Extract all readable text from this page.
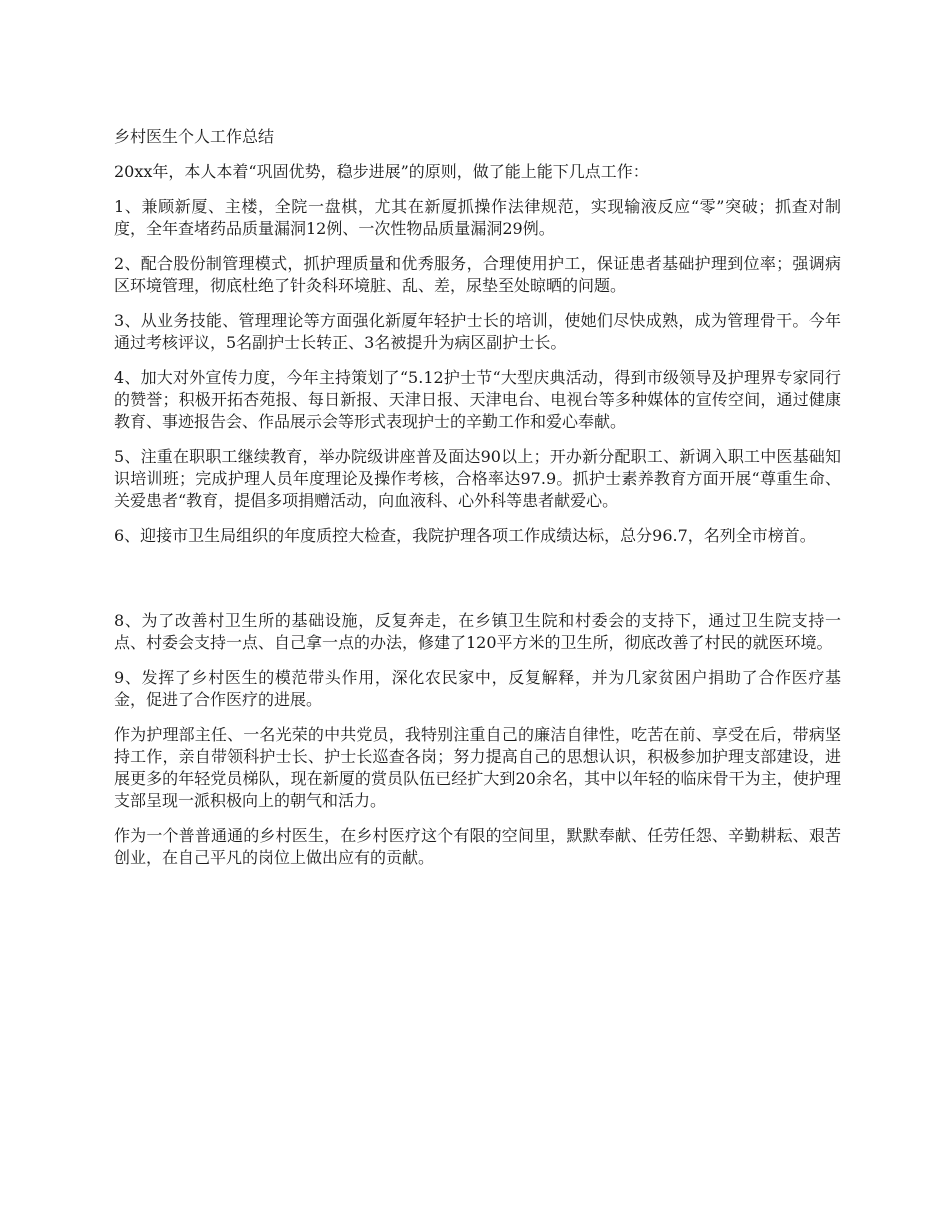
乡村医生个人工作总结

20xx年，本人本着“巩固优势，稳步进展”的原则，做了能上能下几点工作：

1、兼顾新厦、主楼，全院一盘棋，尤其在新厦抓操作法律规范，实现输液反应“零”突破；抓查对制度，全年查堵药品质量漏洞12例、一次性物品质量漏洞29例。

2、配合股份制管理模式，抓护理质量和优秀服务，合理使用护工，保证患者基础护理到位率；强调病区环境管理，彻底杜绝了针灸科环境脏、乱、差，尿垫至处晾晒的问题。

3、从业务技能、管理理论等方面强化新厦年轻护士长的培训，使她们尽快成熟，成为管理骨干。今年通过考核评议，5名副护士长转正、3名被提升为病区副护士长。

4、加大对外宣传力度，今年主持策划了“5.12护士节“大型庆典活动，得到市级领导及护理界专家同行的赞誉；积极开拓杏苑报、每日新报、天津日报、天津电台、电视台等多种媒体的宣传空间，通过健康教育、事迹报告会、作品展示会等形式表现护士的辛勤工作和爱心奉献。

5、注重在职职工继续教育，举办院级讲座普及面达90以上；开办新分配职工、新调入职工中医基础知识培训班；完成护理人员年度理论及操作考核，合格率达97.9。抓护士素养教育方面开展“尊重生命、关爱患者“教育，提倡多项捐赠活动，向血液科、心外科等患者献爱心。

6、迎接市卫生局组织的年度质控大检查，我院护理各项工作成绩达标，总分96.7，名列全市榜首。

8、为了改善村卫生所的基础设施，反复奔走，在乡镇卫生院和村委会的支持下，通过卫生院支持一点、村委会支持一点、自己拿一点的办法，修建了120平方米的卫生所，彻底改善了村民的就医环境。

9、发挥了乡村医生的模范带头作用，深化农民家中，反复解释，并为几家贫困户捐助了合作医疗基金，促进了合作医疗的进展。

作为护理部主任、一名光荣的中共党员，我特别注重自己的廉洁自律性，吃苦在前、享受在后，带病坚持工作，亲自带领科护士长、护士长巡查各岗；努力提高自己的思想认识，积极参加护理支部建设，进展更多的年轻党员梯队，现在新厦的赏员队伍已经扩大到20余名，其中以年轻的临床骨干为主，使护理支部呈现一派积极向上的朝气和活力。

作为一个普普通通的乡村医生，在乡村医疗这个有限的空间里，默默奉献、任劳任怨、辛勤耕耘、艰苦创业，在自己平凡的岗位上做出应有的贡献。
